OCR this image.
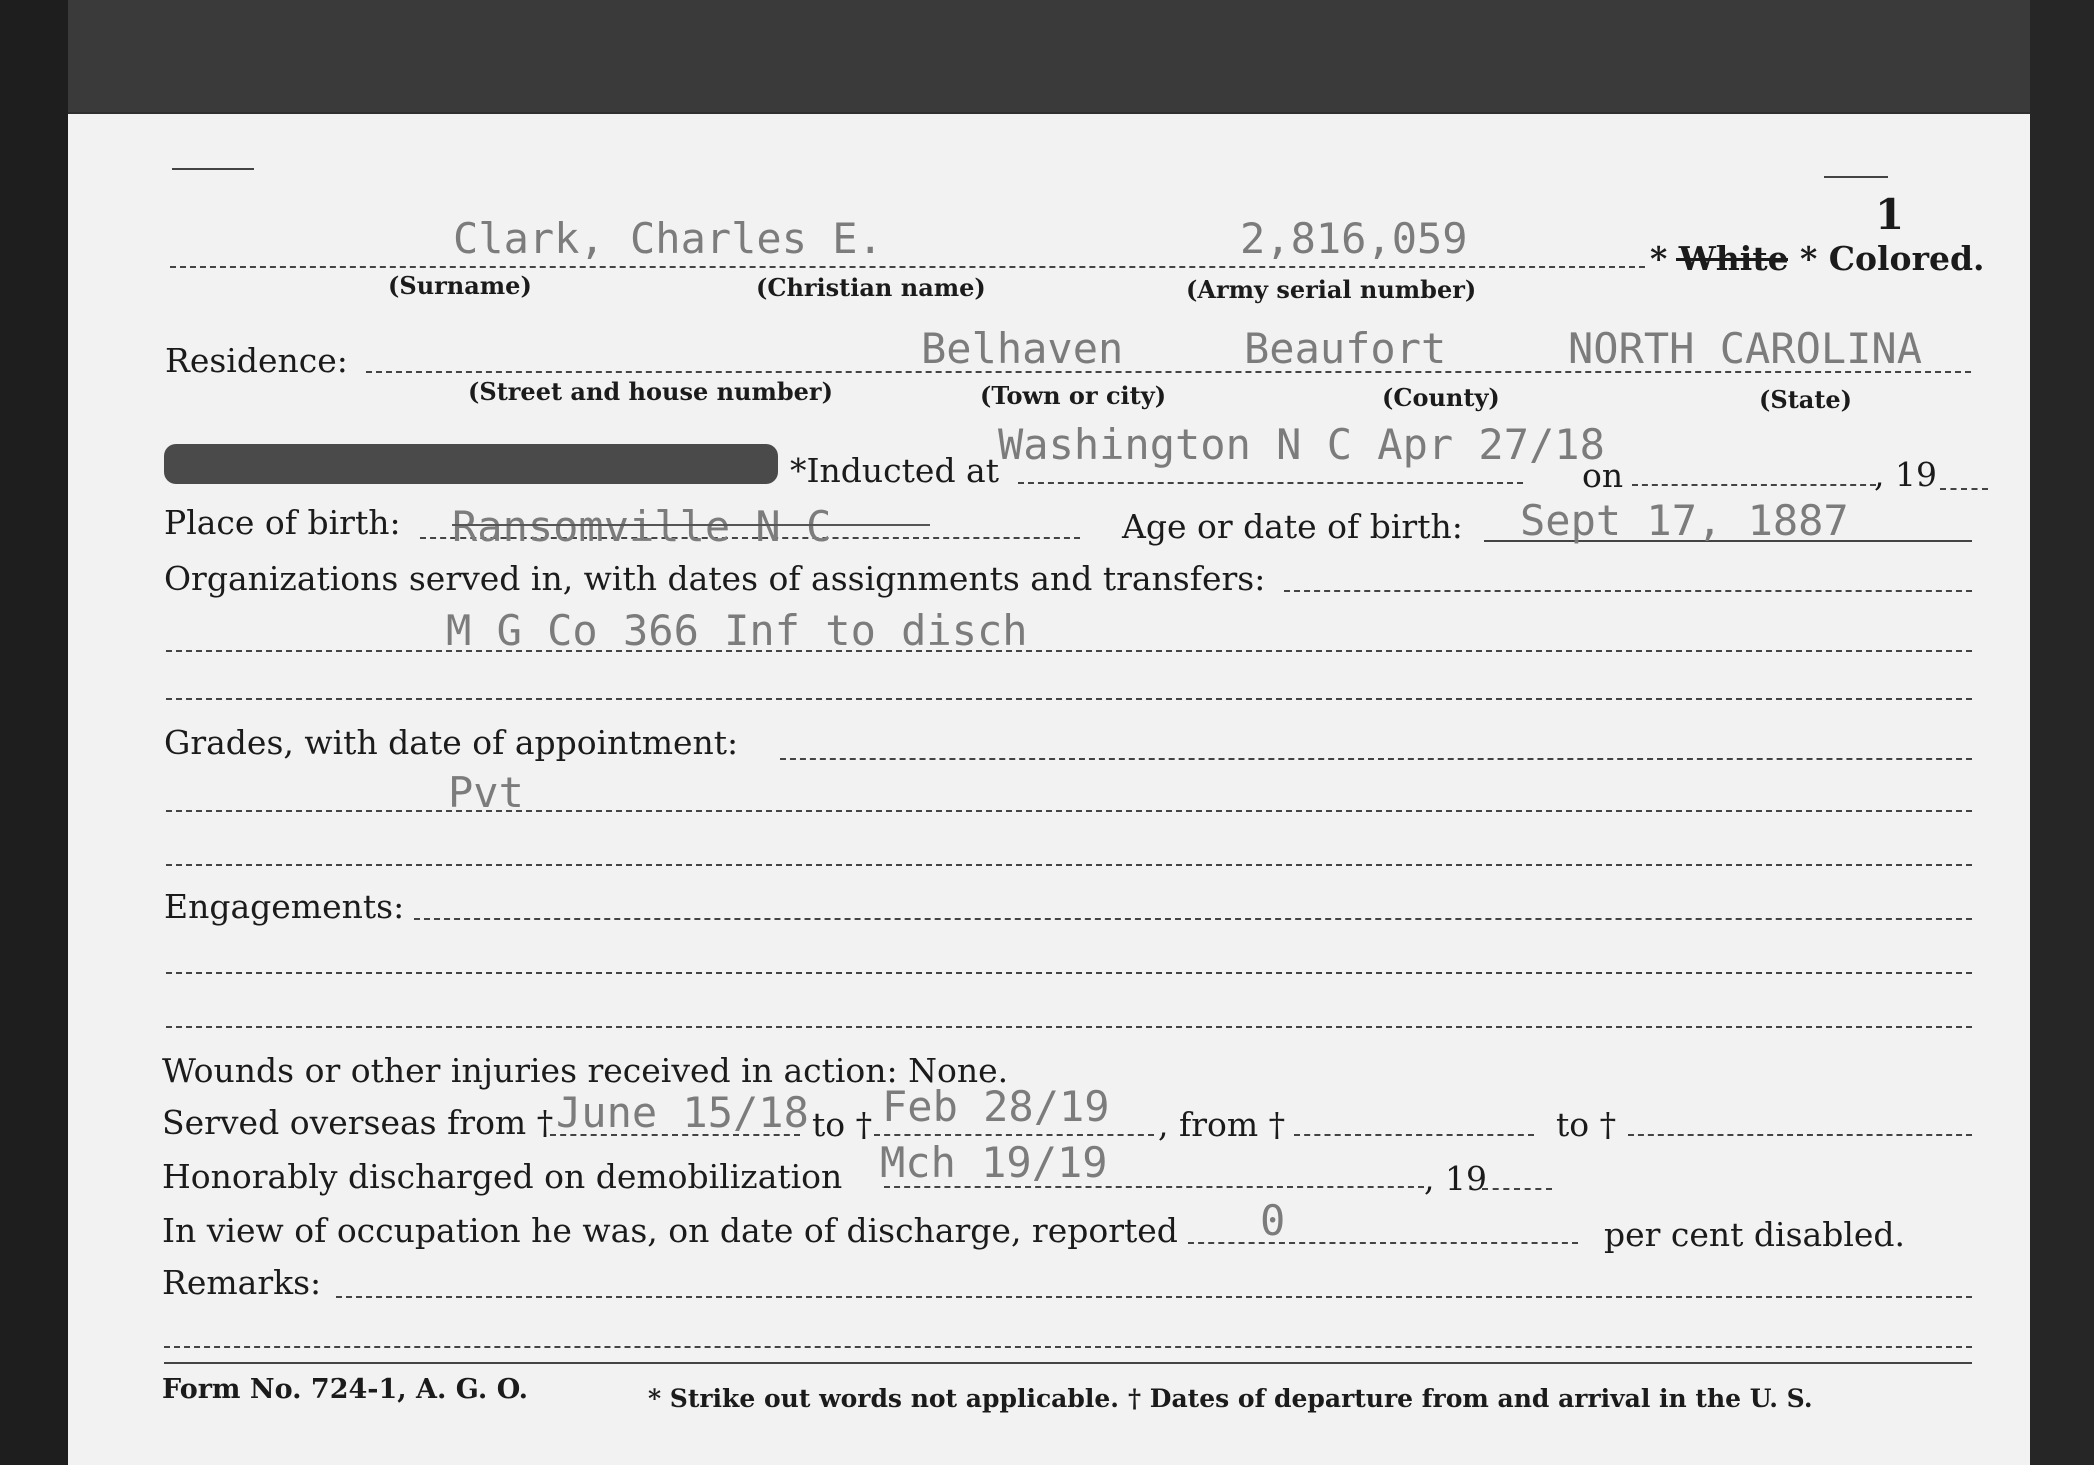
1
Clark, Charles E.	2,816,059	* White * Colored.
(Surname)	(Christian name)	(Army serial number)
Residence:	Belhaven	Beaufort	NORTH CAROLINA
(Street and house number)	(Town or city)	(County)	(State)
*Inducted at
Washington N C Apr 27/18
on	, 19
Place of birth: Ransomville N C	Age or date of birth: Sept 17, 1887
Organizations served in, with dates of assignments and transfers:
M G Co 366 Inf to disch
Grades, with date of appointment:
Pvt
Engagements:
Wounds or other injuries received in action: None.
Served overseas from † June 15/18 to † Feb 28/19 , from †	to †
Honorably discharged on demobilization Mch 19/19	, 19
In view of occupation he was, on date of discharge, reported 0	per cent disabled.
Remarks:
Form No. 724-1, A. G. O.	* Strike out words not applicable. † Dates of departure from and arrival in the U. S.
